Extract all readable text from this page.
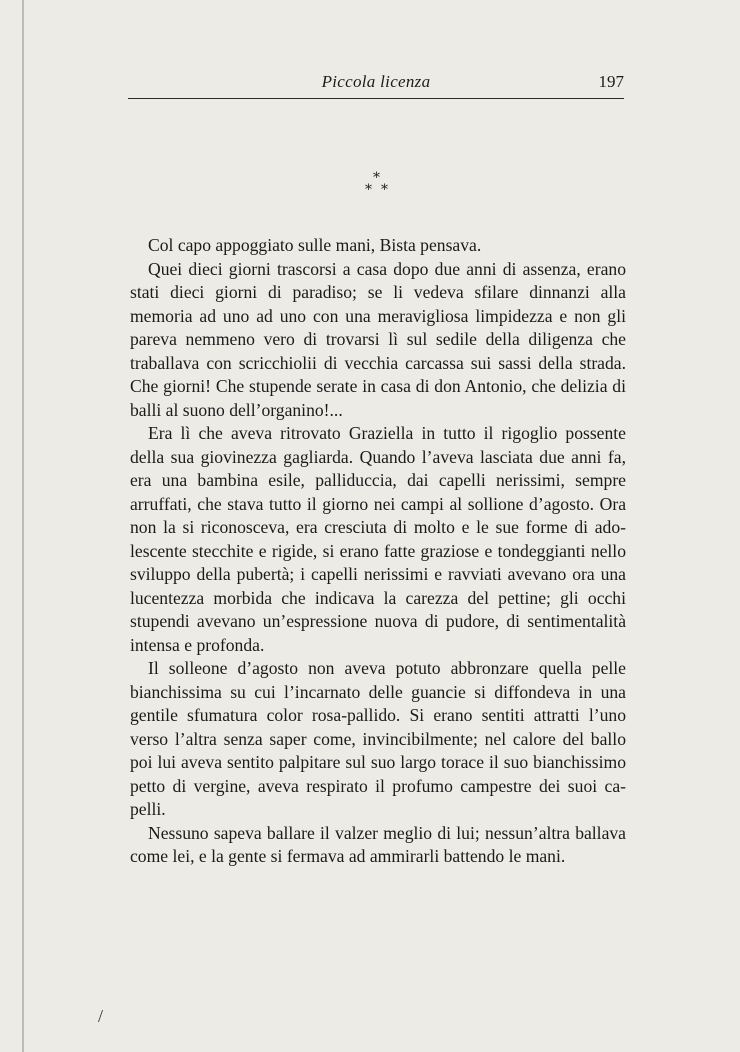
Piccola licenza	197
*
* *

Col capo appoggiato sulle mani, Bista pensava.

Quei dieci giorni trascorsi a casa dopo due anni di assenza, erano stati dieci giorni di paradiso; se li vedeva sfilare dinnanzi alla memoria ad uno ad uno con una meravigliosa limpidezza e non gli pareva nemmeno vero di trovarsi lì sul sedile della diligenza che traballava con scricchiolii di vecchia carcassa sui sassi della strada. Che giorni! Che stupende serate in casa di don Antonio, che delizia di balli al suono dell’organino!...

Era lì che aveva ritrovato Graziella in tutto il rigoglio possente della sua giovinezza gagliarda. Quando l’aveva lasciata due anni fa, era una bambina esile, palliduccia, dai capelli nerissimi, sempre arruffati, che stava tutto il giorno nei campi al sollione d’agosto. Ora non la si riconosceva, era cresciuta di molto e le sue forme di adolescente stecchite e rigide, si erano fatte graziose e tondeggianti nello sviluppo della pubertà; i capelli nerissimi e ravviati avevano ora una lucentezza morbida che indicava la carezza del pettine; gli occhi stupendi avevano un’espressione nuova di pudore, di sentimentalità intensa e profonda.

Il solleone d’agosto non aveva potuto abbronzare quella pelle bianchissima su cui l’incarnato delle guancie si diffondeva in una gentile sfumatura color rosa-pallido. Si erano sentiti attratti l’uno verso l’altra senza saper come, invincibilmente; nel calore del ballo poi lui aveva sentito palpitare sul suo largo torace il suo bianchissimo petto di vergine, aveva respirato il profumo campestre dei suoi capelli.

Nessuno sapeva ballare il valzer meglio di lui; nessun’altra ballava come lei, e la gente si fermava ad ammirarli battendo le mani.

/
